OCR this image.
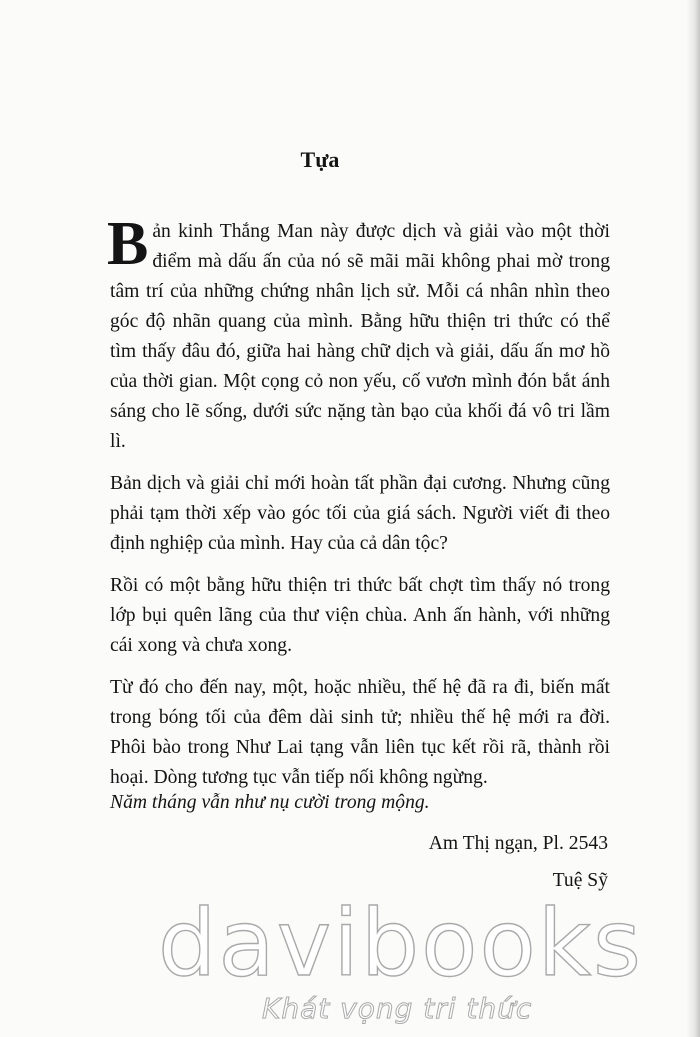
Tựa

Bản kinh Thắng Man này được dịch và giải vào một thời điểm mà dấu ấn của nó sẽ mãi mãi không phai mờ trong tâm trí của những chứng nhân lịch sử. Mỗi cá nhân nhìn theo góc độ nhãn quang của mình. Bằng hữu thiện tri thức có thể tìm thấy đâu đó, giữa hai hàng chữ dịch và giải, dấu ấn mơ hồ của thời gian. Một cọng cỏ non yếu, cố vươn mình đón bắt ánh sáng cho lẽ sống, dưới sức nặng tàn bạo của khối đá vô tri lầm lì.

Bản dịch và giải chỉ mới hoàn tất phần đại cương. Nhưng cũng phải tạm thời xếp vào góc tối của giá sách. Người viết đi theo định nghiệp của mình. Hay của cả dân tộc?

Rồi có một bằng hữu thiện tri thức bất chợt tìm thấy nó trong lớp bụi quên lãng của thư viện chùa. Anh ấn hành, với những cái xong và chưa xong.

Từ đó cho đến nay, một, hoặc nhiều, thế hệ đã ra đi, biến mất trong bóng tối của đêm dài sinh tử; nhiều thế hệ mới ra đời. Phôi bào trong Như Lai tạng vẫn liên tục kết rồi rã, thành rồi hoại. Dòng tương tục vẫn tiếp nối không ngừng.

Năm tháng vẫn như nụ cười trong mộng.
Am Thị ngạn, Pl. 2543
Tuệ Sỹ
davibooks
Khát vọng tri thức
